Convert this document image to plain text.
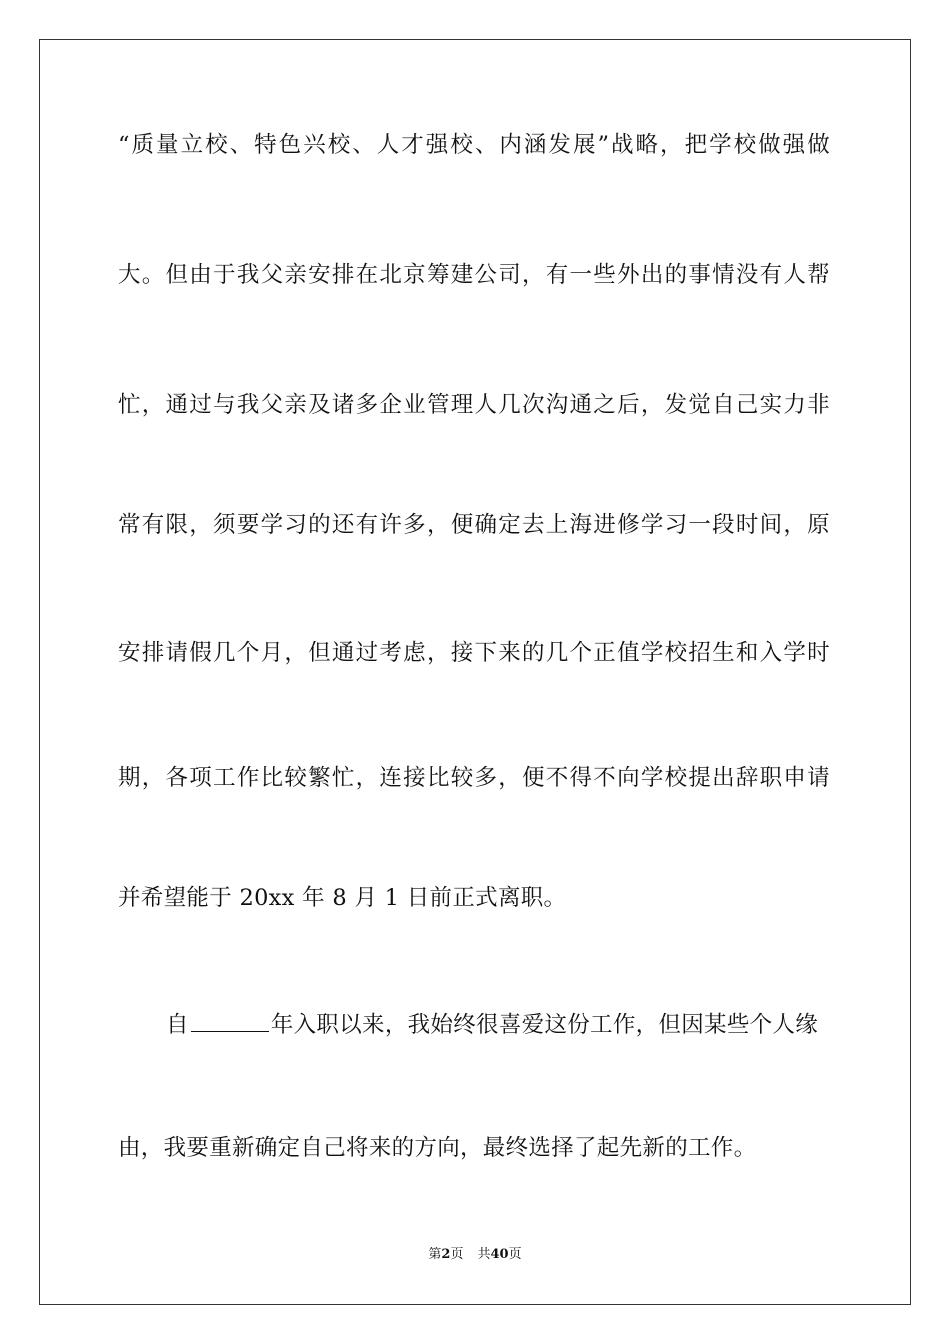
“质量立校、特色兴校、人才强校、内涵发展”战略，把学校做强做
大。但由于我父亲安排在北京筹建公司，有一些外出的事情没有人帮
忙，通过与我父亲及诸多企业管理人几次沟通之后，发觉自己实力非
常有限，须要学习的还有许多，便确定去上海进修学习一段时间，原
安排请假几个月，但通过考虑，接下来的几个正值学校招生和入学时
期，各项工作比较繁忙，连接比较多，便不得不向学校提出辞职申请
并希望能于 20xx 年 8 月 1 日前正式离职。
自	年入职以来，我始终很喜爱这份工作，但因某些个人缘
由，我要重新确定自己将来的方向，最终选择了起先新的工作。
第2页 共40页
